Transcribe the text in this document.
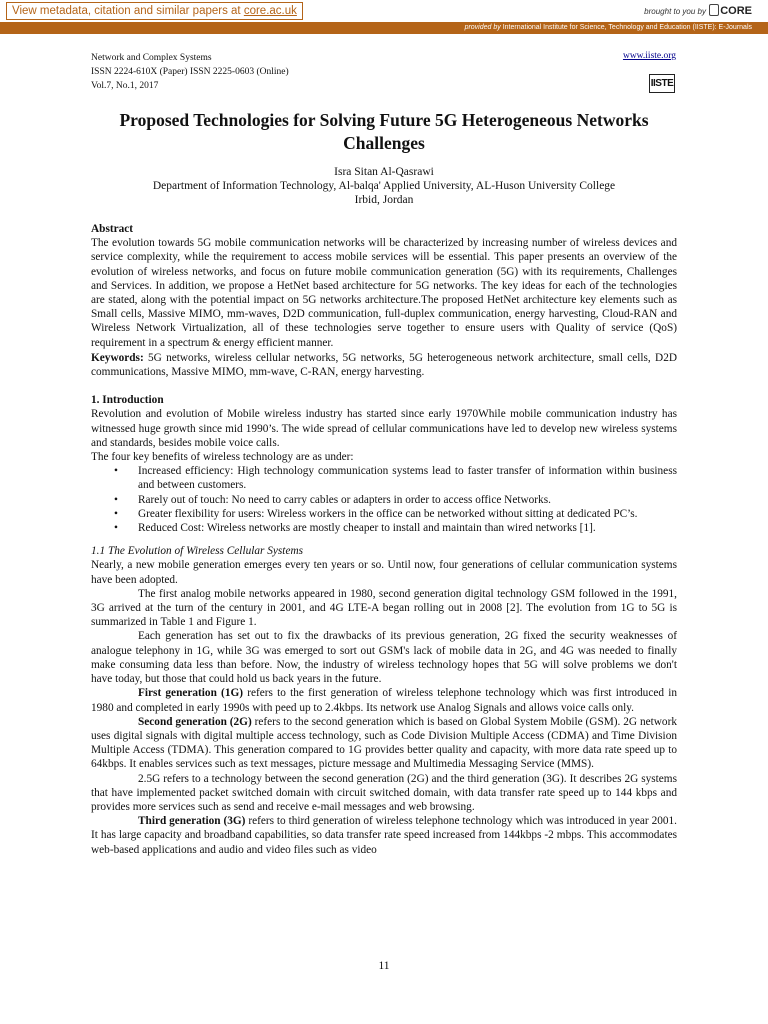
View metadata, citation and similar papers at core.ac.uk	brought to you by CORE
provided by International Institute for Science, Technology and Education (IISTE): E-Journals
Network and Complex Systems
ISSN 2224-610X (Paper) ISSN 2225-0603 (Online)
Vol.7, No.1, 2017
www.iiste.org
IISTE
Proposed Technologies for Solving Future 5G Heterogeneous Networks Challenges
Isra Sitan Al-Qasrawi
Department of Information Technology, Al-balqa' Applied University, AL-Huson University College
Irbid, Jordan

Abstract

The evolution towards 5G mobile communication networks will be characterized by increasing number of wireless devices and service complexity, while the requirement to access mobile services will be essential. This paper presents an overview of the evolution of wireless networks, and focus on future mobile communication generation (5G) with its requirements, Challenges and Services. In addition, we propose a HetNet based architecture for 5G networks. The key ideas for each of the technologies are stated, along with the potential impact on 5G networks architecture.The proposed HetNet architecture key elements such as Small cells, Massive MIMO, mm-waves, D2D communication, full-duplex communication, energy harvesting, Cloud-RAN and Wireless Network Virtualization, all of these technologies serve together to ensure users with Quality of service (QoS) requirement in a spectrum & energy efficient manner.

Keywords: 5G networks, wireless cellular networks, 5G networks, 5G heterogeneous network architecture, small cells, D2D communications, Massive MIMO, mm-wave, C-RAN, energy harvesting.

1. Introduction

Revolution and evolution of Mobile wireless industry has started since early 1970While mobile communication industry has witnessed huge growth since mid 1990’s. The wide spread of cellular communications have led to develop new wireless systems and standards, besides mobile voice calls.

The four key benefits of wireless technology are as under:

• Increased efficiency: High technology communication systems lead to faster transfer of information within business and between customers.
• Rarely out of touch: No need to carry cables or adapters in order to access office Networks.
• Greater flexibility for users: Wireless workers in the office can be networked without sitting at dedicated PC’s.
• Reduced Cost: Wireless networks are mostly cheaper to install and maintain than wired networks [1].

1.1 The Evolution of Wireless Cellular Systems

Nearly, a new mobile generation emerges every ten years or so. Until now, four generations of cellular communication systems have been adopted.

The first analog mobile networks appeared in 1980, second generation digital technology GSM followed in the 1991, 3G arrived at the turn of the century in 2001, and 4G LTE-A began rolling out in 2008 [2]. The evolution from 1G to 5G is summarized in Table 1 and Figure 1.

Each generation has set out to fix the drawbacks of its previous generation, 2G fixed the security weaknesses of analogue telephony in 1G, while 3G was emerged to sort out GSM's lack of mobile data in 2G, and 4G was needed to finally make consuming data less than before. Now, the industry of wireless technology hopes that 5G will solve problems we don't have today, but those that could hold us back years in the future.

First generation (1G) refers to the first generation of wireless telephone technology which was first introduced in 1980 and completed in early 1990s with peed up to 2.4kbps. Its network use Analog Signals and allows voice calls only.

Second generation (2G) refers to the second generation which is based on Global System Mobile (GSM). 2G network uses digital signals with digital multiple access technology, such as Code Division Multiple Access (CDMA) and Time Division Multiple Access (TDMA). This generation compared to 1G provides better quality and capacity, with more data rate speed up to 64kbps. It enables services such as text messages, picture message and Multimedia Messaging Service (MMS).

2.5G refers to a technology between the second generation (2G) and the third generation (3G). It describes 2G systems that have implemented packet switched domain with circuit switched domain, with data transfer rate speed up to 144 kbps and provides more services such as send and receive e-mail messages and web browsing.

Third generation (3G) refers to third generation of wireless telephone technology which was introduced in year 2001. It has large capacity and broadband capabilities, so data transfer rate speed increased from 144kbps -2 mbps. This accommodates web-based applications and audio and video files such as video

11
